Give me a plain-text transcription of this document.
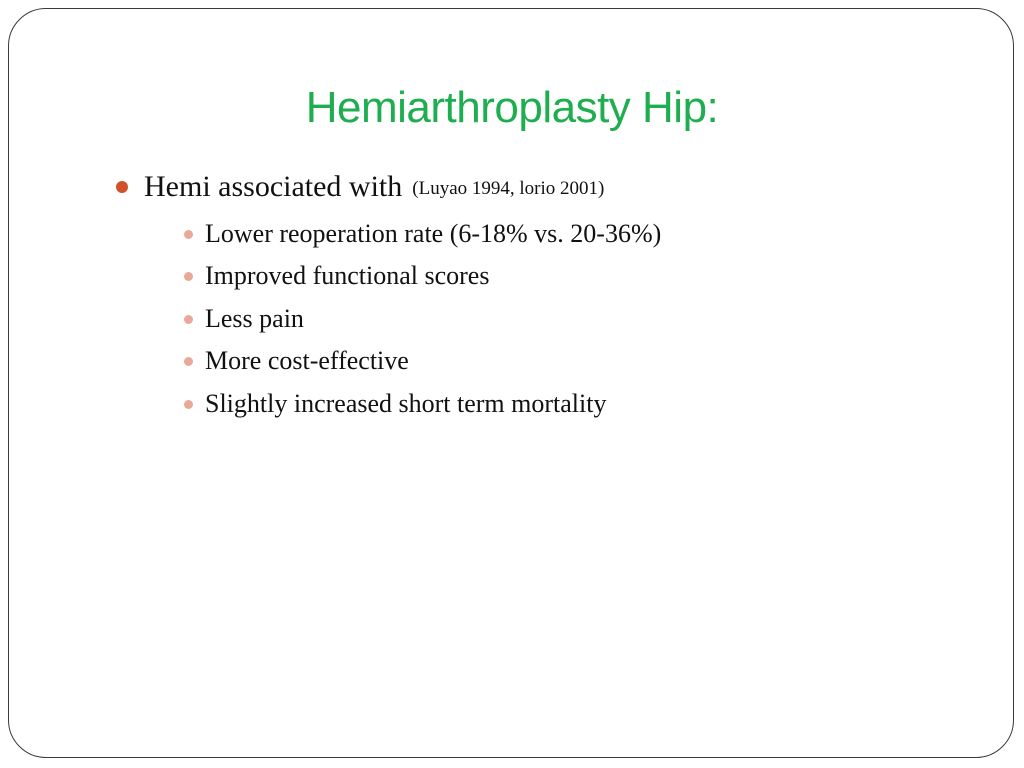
Hemiarthroplasty Hip:
Hemi associated with (Luyao 1994, lorio 2001)
Lower reoperation rate (6-18% vs. 20-36%)
Improved functional scores
Less pain
More cost-effective
Slightly increased short term mortality
